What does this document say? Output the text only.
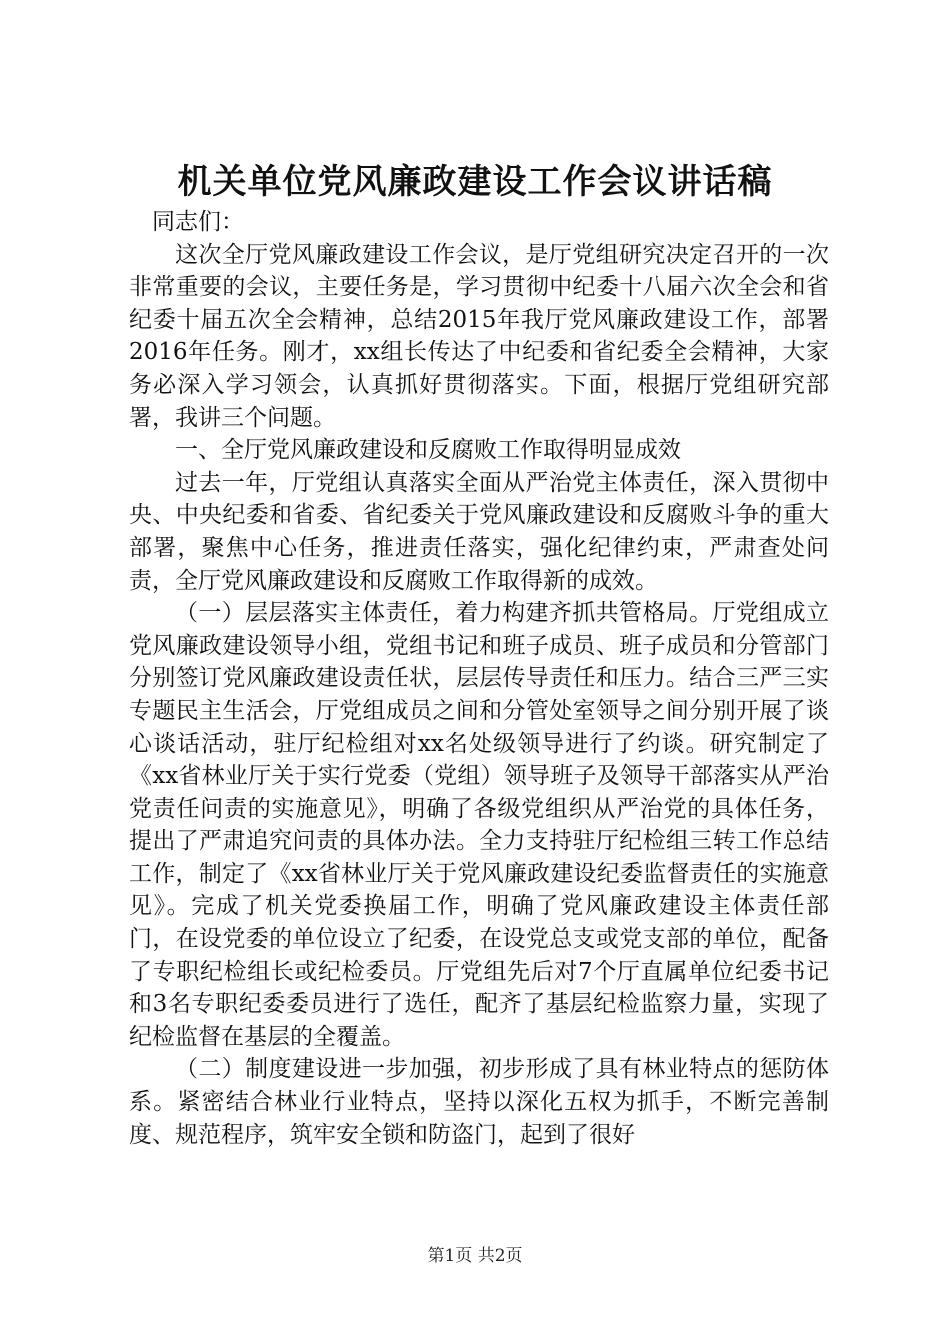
机关单位党风廉政建设工作会议讲话稿

同志们：

这次全厅党风廉政建设工作会议，是厅党组研究决定召开的一次非常重要的会议，主要任务是，学习贯彻中纪委十八届六次全会和省纪委十届五次全会精神，总结2015年我厅党风廉政建设工作，部署2016年任务。刚才，xx组长传达了中纪委和省纪委全会精神，大家务必深入学习领会，认真抓好贯彻落实。下面，根据厅党组研究部署，我讲三个问题。

一、全厅党风廉政建设和反腐败工作取得明显成效

过去一年，厅党组认真落实全面从严治党主体责任，深入贯彻中央、中央纪委和省委、省纪委关于党风廉政建设和反腐败斗争的重大部署，聚焦中心任务，推进责任落实，强化纪律约束，严肃查处问责，全厅党风廉政建设和反腐败工作取得新的成效。

（一）层层落实主体责任，着力构建齐抓共管格局。厅党组成立党风廉政建设领导小组，党组书记和班子成员、班子成员和分管部门分别签订党风廉政建设责任状，层层传导责任和压力。结合三严三实专题民主生活会，厅党组成员之间和分管处室领导之间分别开展了谈心谈话活动，驻厅纪检组对xx名处级领导进行了约谈。研究制定了《xx省林业厅关于实行党委（党组）领导班子及领导干部落实从严治党责任问责的实施意见》，明确了各级党组织从严治党的具体任务，提出了严肃追究问责的具体办法。全力支持驻厅纪检组三转工作总结工作，制定了《xx省林业厅关于党风廉政建设纪委监督责任的实施意见》。完成了机关党委换届工作，明确了党风廉政建设主体责任部门，在设党委的单位设立了纪委，在设党总支或党支部的单位，配备了专职纪检组长或纪检委员。厅党组先后对7个厅直属单位纪委书记和3名专职纪委委员进行了选任，配齐了基层纪检监察力量，实现了纪检监督在基层的全覆盖。

（二）制度建设进一步加强，初步形成了具有林业特点的惩防体系。紧密结合林业行业特点，坚持以深化五权为抓手，不断完善制度、规范程序，筑牢安全锁和防盗门，起到了很好

第1页 共2页
